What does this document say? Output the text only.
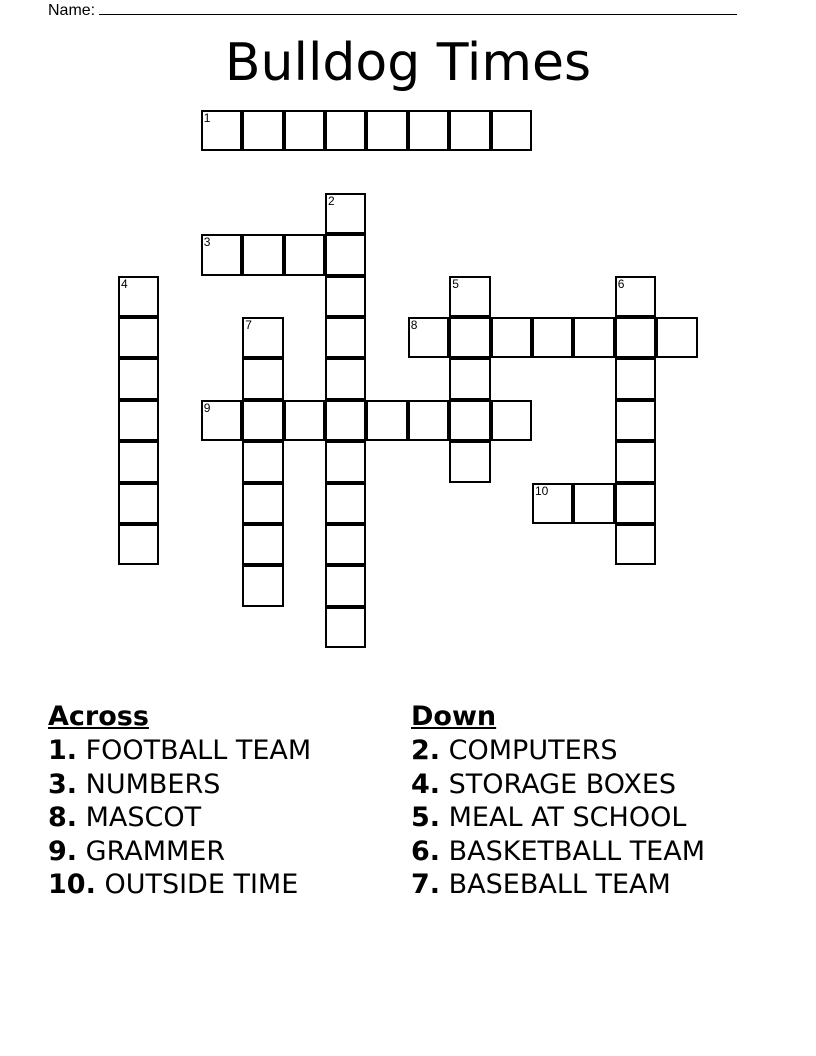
Name:
Bulldog Times
1
2
3
4	5	6
7	8
9
10
Across
1. FOOTBALL TEAM
3. NUMBERS
8. MASCOT
9. GRAMMER
10. OUTSIDE TIME
Down
2. COMPUTERS
4. STORAGE BOXES
5. MEAL AT SCHOOL
6. BASKETBALL TEAM
7. BASEBALL TEAM
